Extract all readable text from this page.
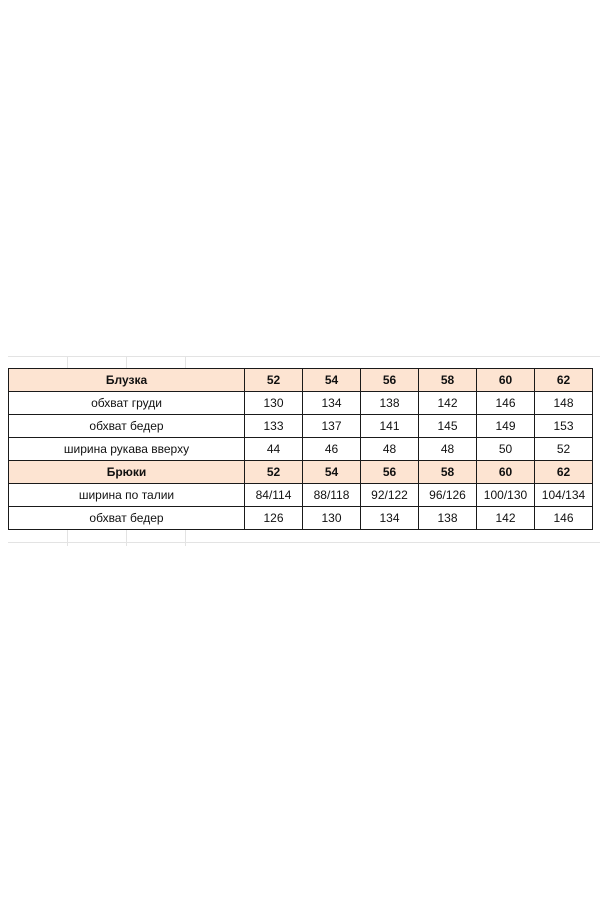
Блузка	52	54	56	58	60	62
обхват груди	130	134	138	142	146	148
обхват бедер	133	137	141	145	149	153
ширина рукава вверху	44	46	48	48	50	52
Брюки	52	54	56	58	60	62
ширина по талии	84/114	88/118	92/122	96/126	100/130	104/134
обхват бедер	126	130	134	138	142	146
